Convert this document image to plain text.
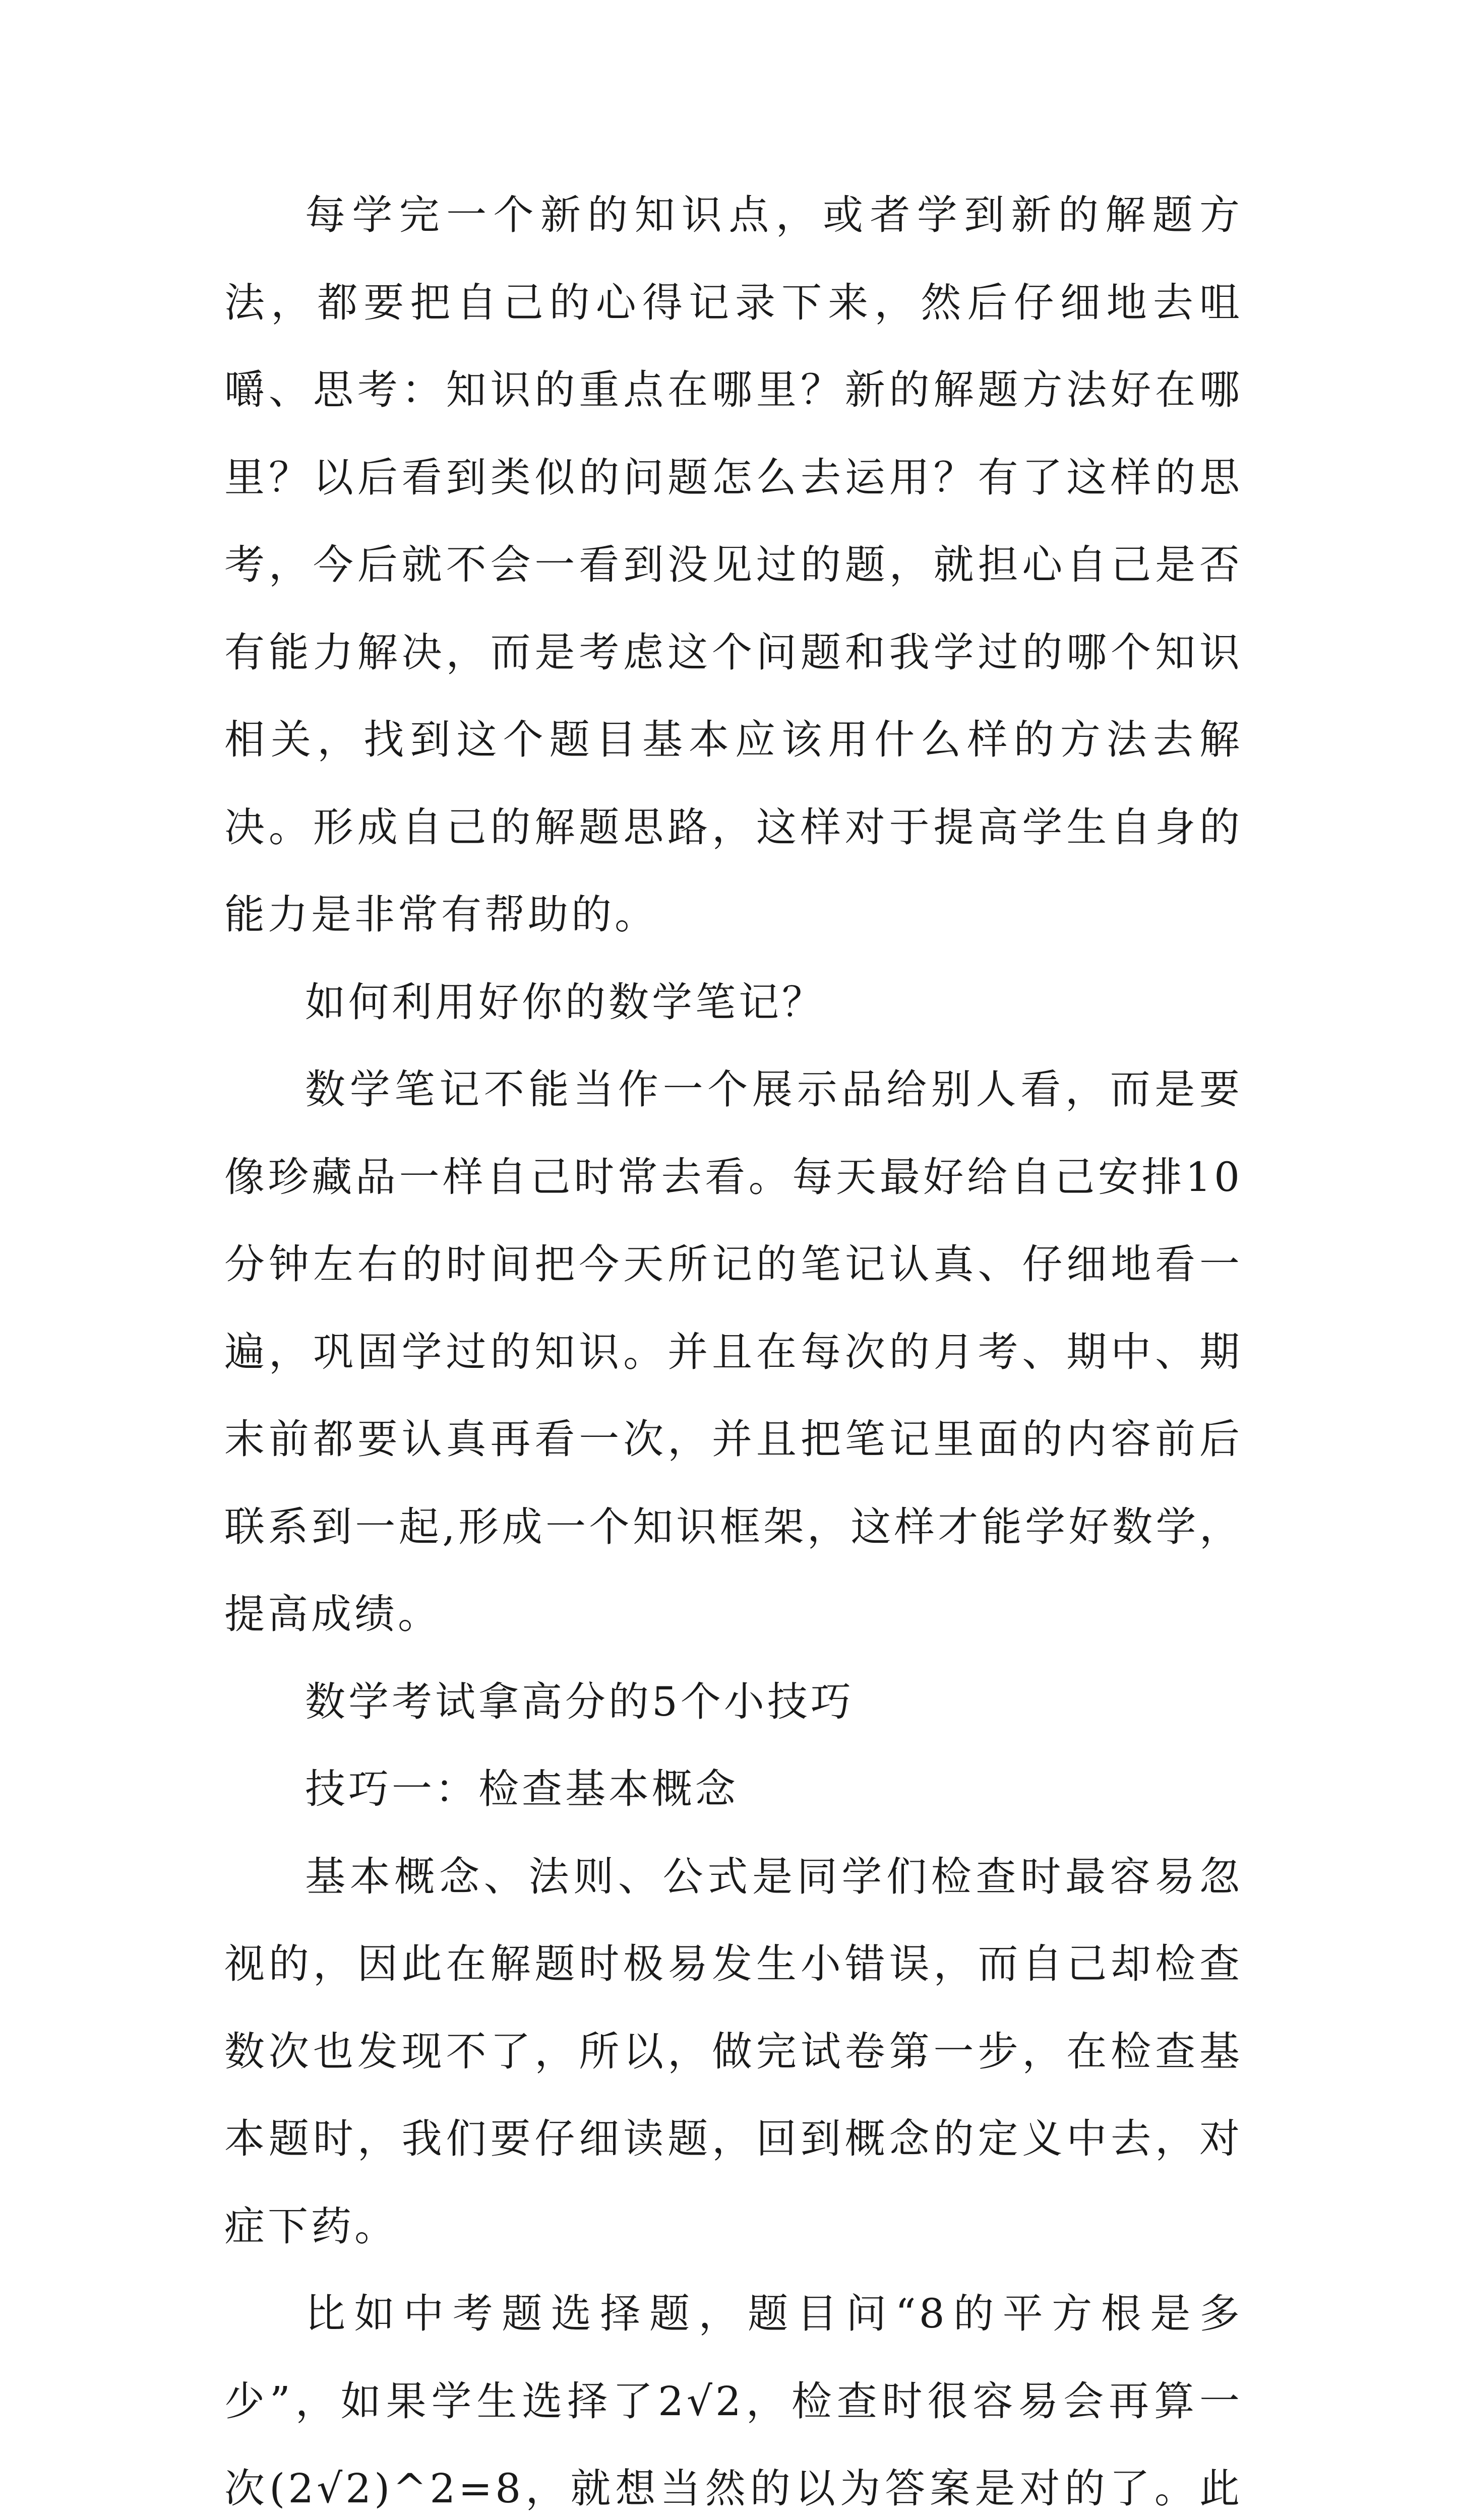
每学完一个新的知识点，或者学到新的解题方法，都要把自己的心得记录下来，然后仔细地去咀嚼、思考：知识的重点在哪里？新的解题方法好在哪里？以后看到类似的问题怎么去运用？有了这样的思考，今后就不会一看到没见过的题，就担心自己是否有能力解决，而是考虑这个问题和我学过的哪个知识相关，找到这个题目基本应该用什么样的方法去解决。形成自己的解题思路，这样对于提高学生自身的能力是非常有帮助的。

如何利用好你的数学笔记？

数学笔记不能当作一个展示品给别人看，而是要像珍藏品一样自己时常去看。每天最好给自己安排10分钟左右的时间把今天所记的笔记认真、仔细地看一遍，巩固学过的知识。并且在每次的月考、期中、期末前都要认真再看一次，并且把笔记里面的内容前后联系到一起,形成一个知识框架，这样才能学好数学，提高成绩。

数学考试拿高分的5个小技巧

技巧一：检查基本概念

基本概念、法则、公式是同学们检查时最容易忽视的，因此在解题时极易发生小错误，而自己却检查数次也发现不了，所以，做完试卷第一步，在检查基本题时，我们要仔细读题，回到概念的定义中去，对症下药。

比如中考题选择题，题目问“8的平方根是多少”，如果学生选择了2√2，检查时很容易会再算一次(2√2)^2=8，就想当然的以为答案是对的了。此
